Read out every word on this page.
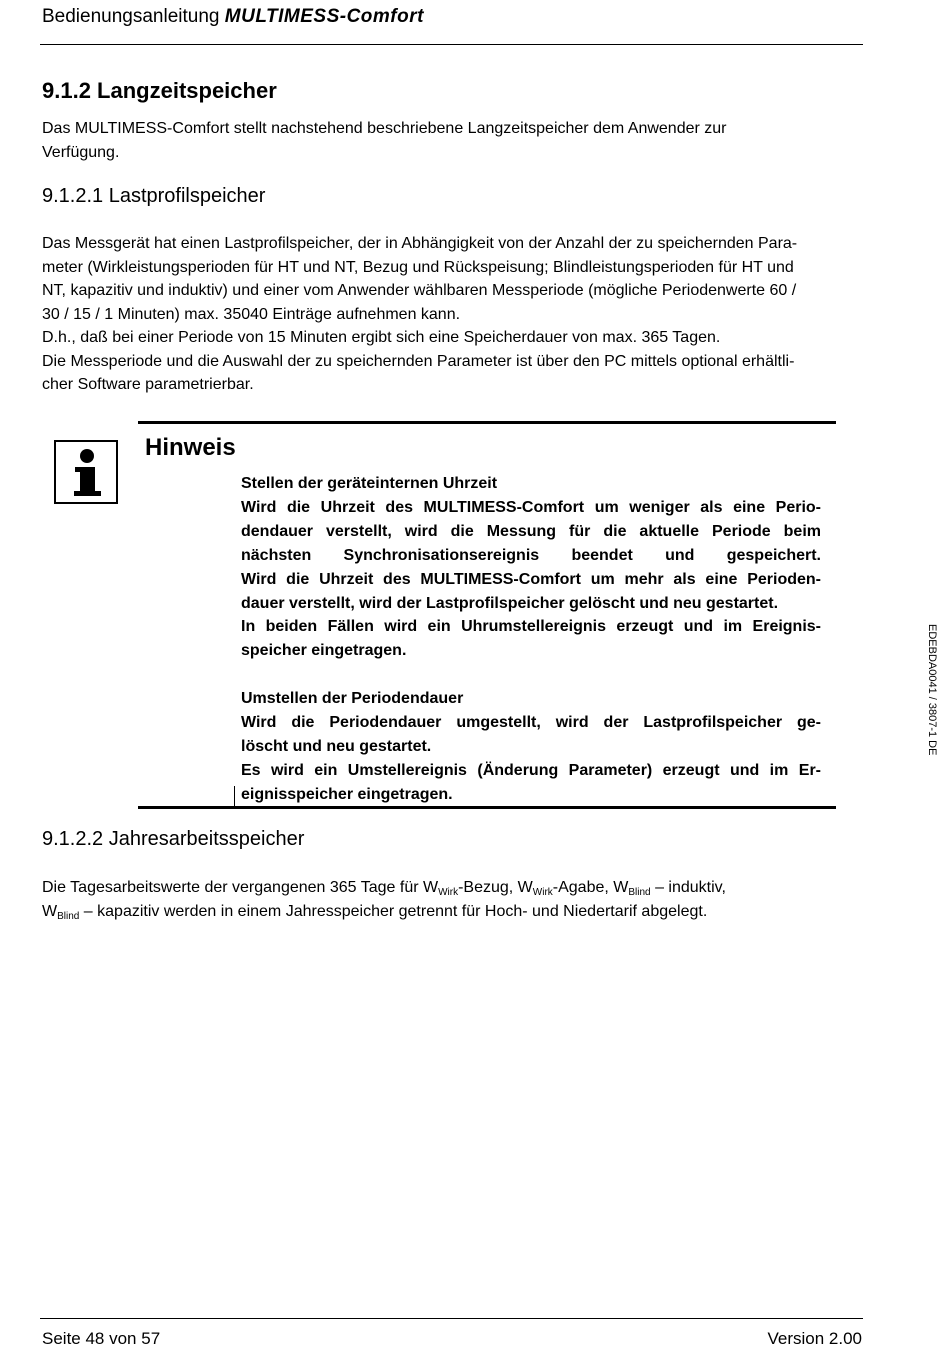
Bedienungsanleitung MULTIMESS-Comfort
9.1.2 Langzeitspeicher
Das MULTIMESS-Comfort stellt nachstehend beschriebene Langzeitspeicher dem Anwender zur
Verfügung.
9.1.2.1 Lastprofilspeicher
Das Messgerät hat einen Lastprofilspeicher, der in Abhängigkeit von der Anzahl der zu speichernden Para-
meter (Wirkleistungsperioden für HT und NT, Bezug und Rückspeisung; Blindleistungsperioden für HT und
NT, kapazitiv und induktiv) und einer vom Anwender wählbaren Messperiode (mögliche Periodenwerte 60 /
30 / 15 / 1 Minuten) max. 35040 Einträge aufnehmen kann.
D.h., daß bei einer Periode von 15 Minuten ergibt sich eine Speicherdauer von max. 365 Tagen.
Die Messperiode und die Auswahl der zu speichernden Parameter ist über den PC mittels optional erhältli-
cher Software parametrierbar.
Hinweis
Stellen der geräteinternen Uhrzeit
Wird die Uhrzeit des MULTIMESS-Comfort um weniger als eine Perio-
dendauer verstellt, wird die Messung für die aktuelle Periode beim
nächsten Synchronisationsereignis beendet und gespeichert.
Wird die Uhrzeit des MULTIMESS-Comfort um mehr als eine Perioden-
dauer verstellt, wird der Lastprofilspeicher gelöscht und neu gestartet.
In beiden Fällen wird ein Uhrumstellereignis erzeugt und im Ereignis-
speicher eingetragen.
Umstellen der Periodendauer
Wird die Periodendauer umgestellt, wird der Lastprofilspeicher ge-
löscht und neu gestartet.
Es wird ein Umstellereignis (Änderung Parameter) erzeugt und im Er-
eignisspeicher eingetragen.
EDEBDA0041 / 3807-1 DE
9.1.2.2 Jahresarbeitsspeicher
Die Tagesarbeitswerte der vergangenen 365 Tage für $W_{Wirk}$-Bezug, $W_{Wirk}$-Agabe, $W_{Blind}$ – induktiv,
$W_{Blind}$ – kapazitiv werden in einem Jahresspeicher getrennt für Hoch- und Niedertarif abgelegt.
Seite 48 von 57	Version 2.00
